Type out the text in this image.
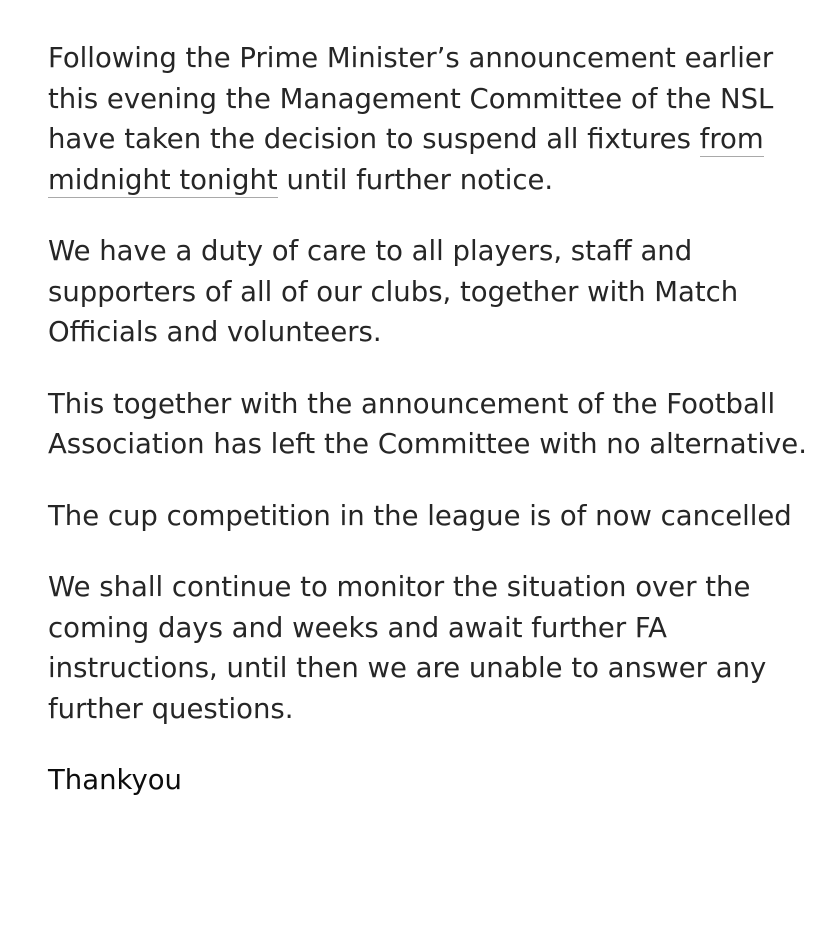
Following the Prime Minister’s announcement earlier this evening the Management Committee of the NSL have taken the decision to suspend all fixtures from midnight tonight until further notice.

We have a duty of care to all players, staff and supporters of all of our clubs, together with Match Officials and volunteers.

This together with the announcement of the Football Association has left the Committee with no alternative.

The cup competition in the league is of now cancelled

We shall continue to monitor the situation over the coming days and weeks and await further FA instructions, until then we are unable to answer any further questions.

Thankyou
